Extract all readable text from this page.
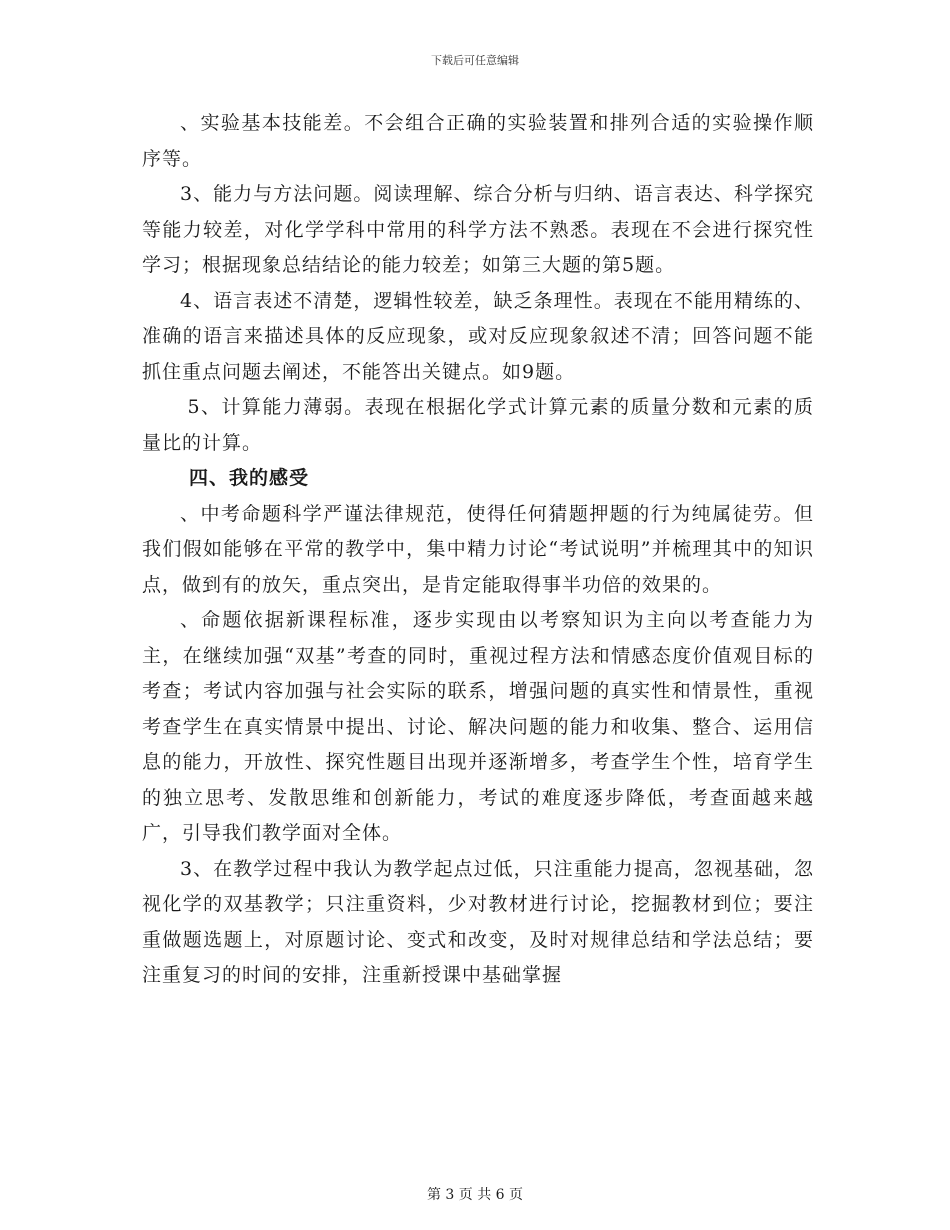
下载后可任意编辑

、实验基本技能差。不会组合正确的实验装置和排列合适的实验操作顺序等。

3、能力与方法问题。阅读理解、综合分析与归纳、语言表达、科学探究等能力较差，对化学学科中常用的科学方法不熟悉。表现在不会进行探究性学习；根据现象总结结论的能力较差；如第三大题的第5题。

4、语言表述不清楚，逻辑性较差，缺乏条理性。表现在不能用精练的、准确的语言来描述具体的反应现象，或对反应现象叙述不清；回答问题不能抓住重点问题去阐述，不能答出关键点。如9题。

5、计算能力薄弱。表现在根据化学式计算元素的质量分数和元素的质量比的计算。

四、我的感受

、中考命题科学严谨法律规范，使得任何猜题押题的行为纯属徒劳。但我们假如能够在平常的教学中，集中精力讨论“考试说明”并梳理其中的知识点，做到有的放矢，重点突出，是肯定能取得事半功倍的效果的。

、命题依据新课程标准，逐步实现由以考察知识为主向以考查能力为主，在继续加强“双基”考查的同时，重视过程方法和情感态度价值观目标的考查；考试内容加强与社会实际的联系，增强问题的真实性和情景性，重视考查学生在真实情景中提出、讨论、解决问题的能力和收集、整合、运用信息的能力，开放性、探究性题目出现并逐渐增多，考查学生个性，培育学生的独立思考、发散思维和创新能力，考试的难度逐步降低，考查面越来越广，引导我们教学面对全体。

3、在教学过程中我认为教学起点过低，只注重能力提高，忽视基础，忽视化学的双基教学；只注重资料，少对教材进行讨论，挖掘教材到位；要注重做题选题上，对原题讨论、变式和改变，及时对规律总结和学法总结；要注重复习的时间的安排，注重新授课中基础掌握

第 3 页 共 6 页
